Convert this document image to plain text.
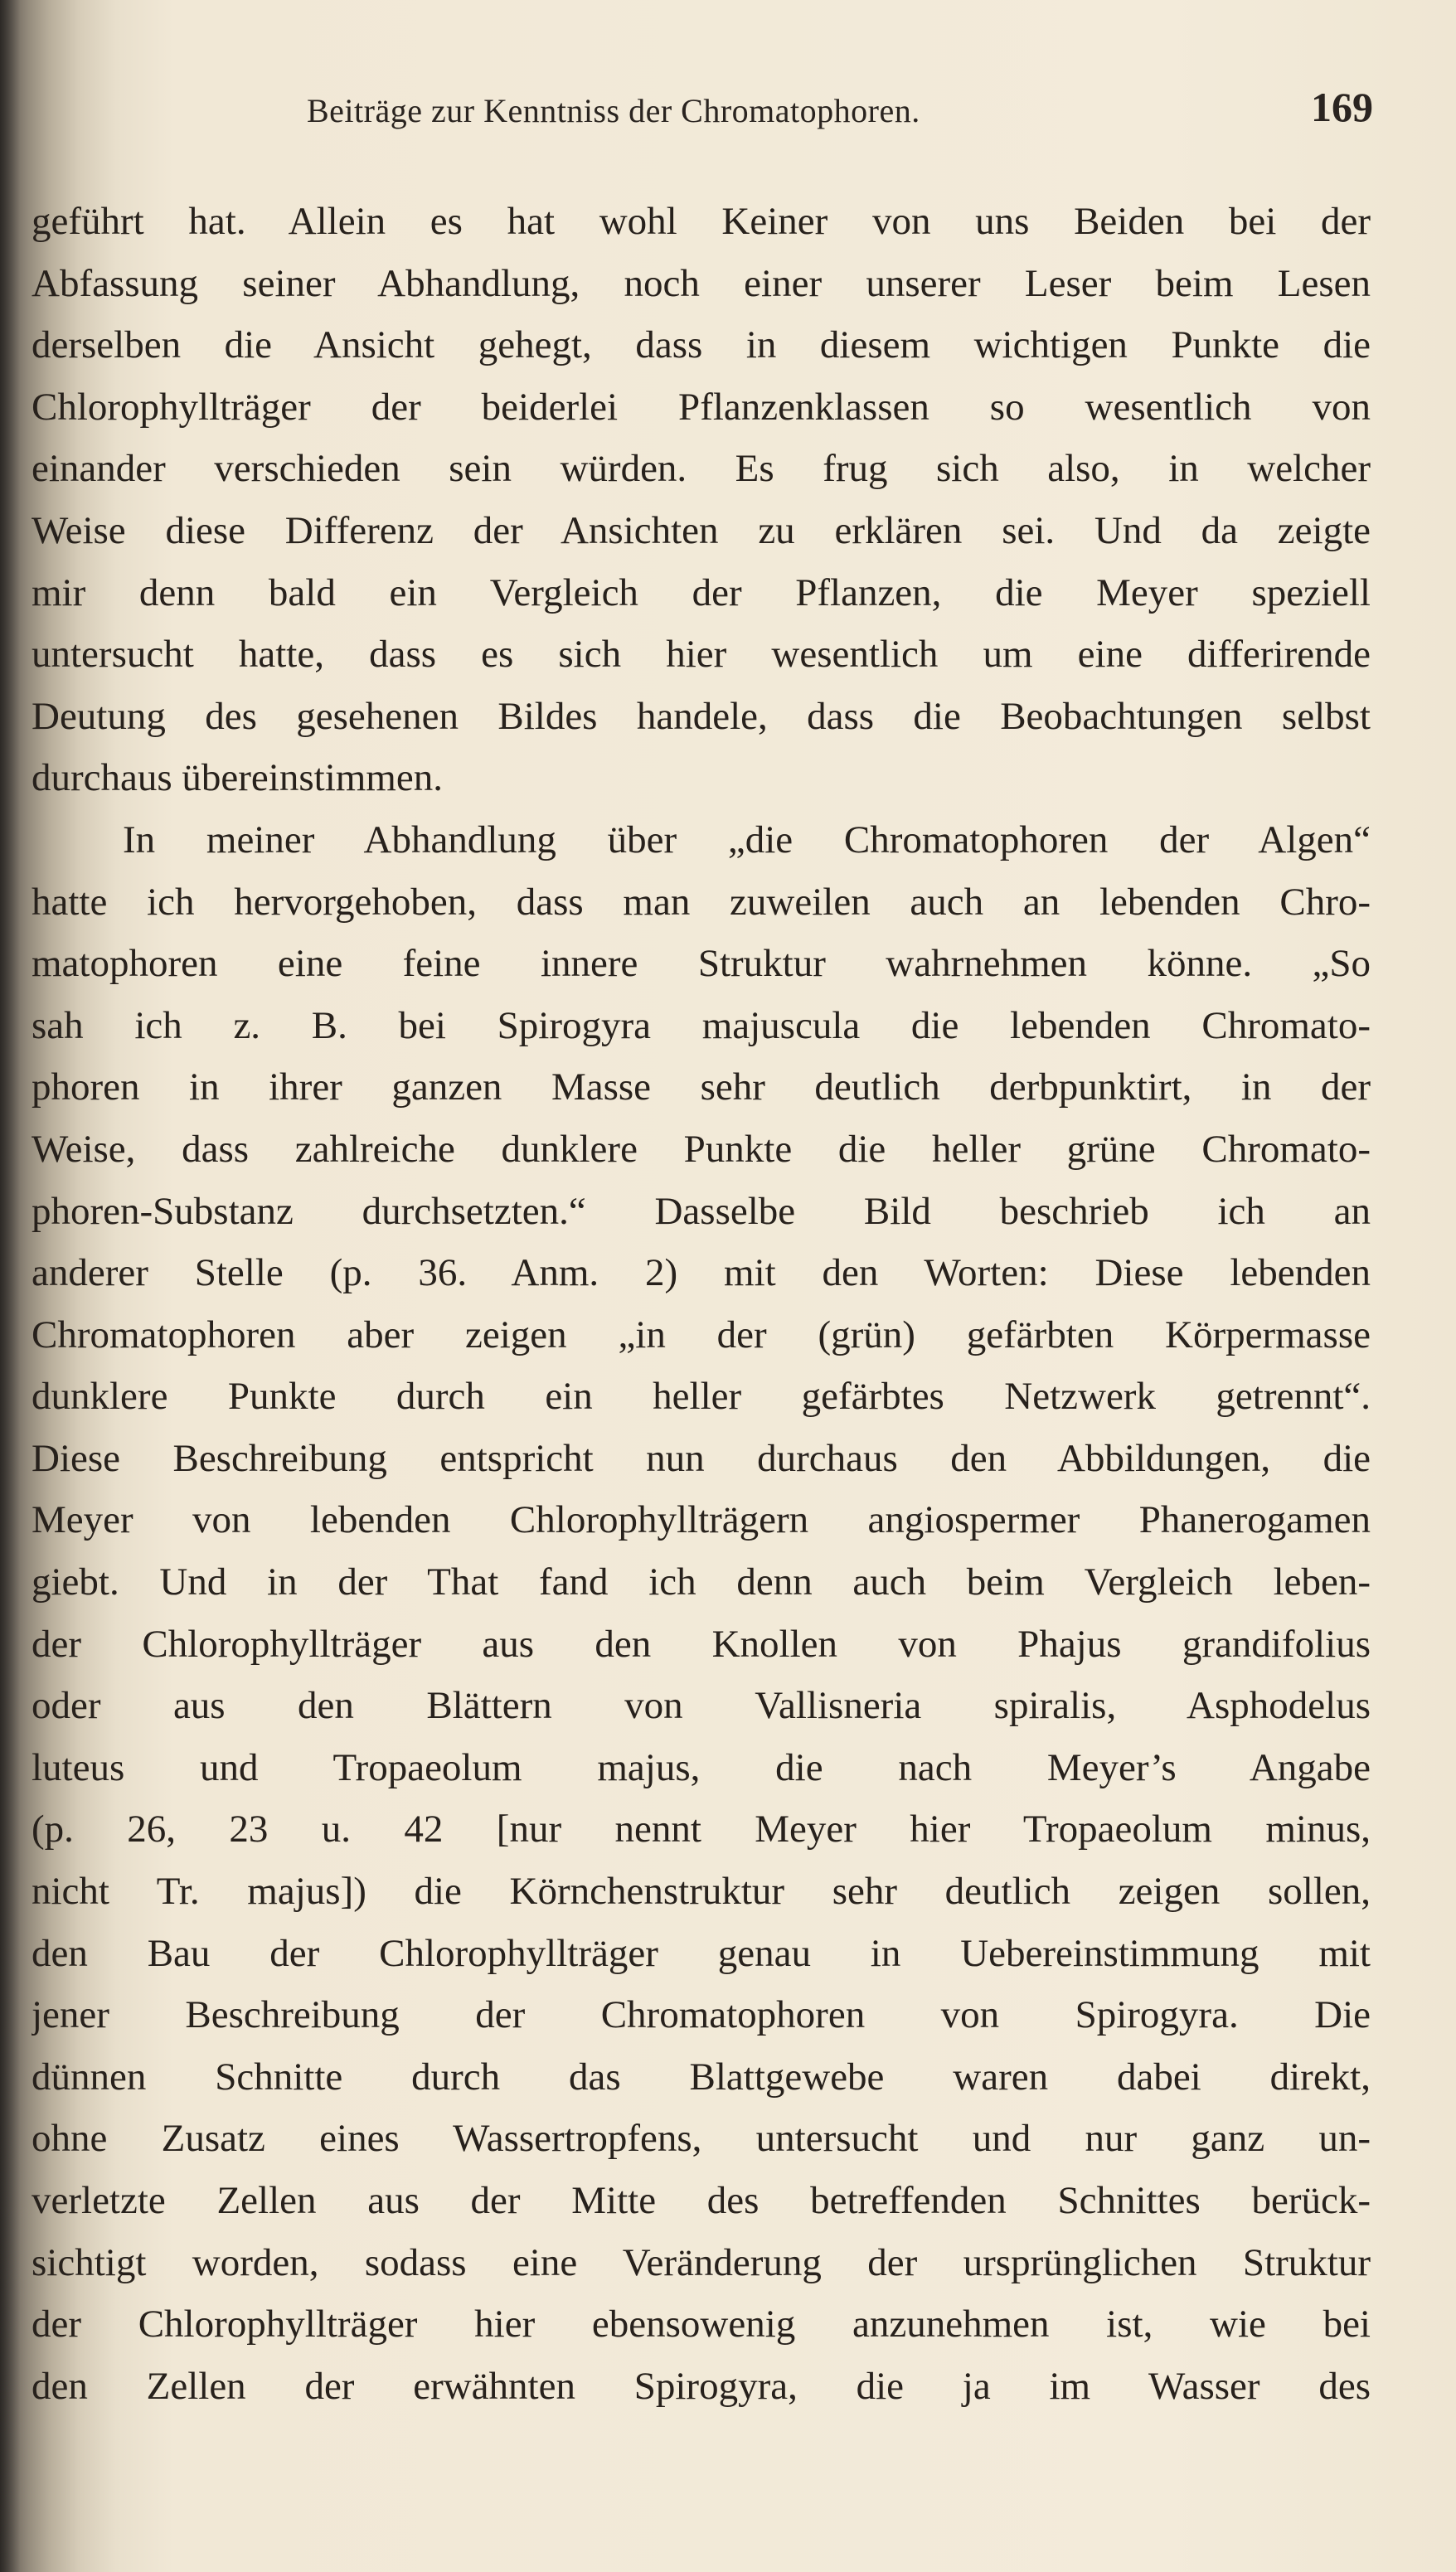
Beiträge zur Kenntniss der Chromatophoren.	169
geführt hat. Allein es hat wohl Keiner von uns Beiden bei der
Abfassung seiner Abhandlung, noch einer unserer Leser beim Lesen
derselben die Ansicht gehegt, dass in diesem wichtigen Punkte die
Chlorophyllträger der beiderlei Pflanzenklassen so wesentlich von
einander verschieden sein würden. Es frug sich also, in welcher
Weise diese Differenz der Ansichten zu erklären sei. Und da zeigte
mir denn bald ein Vergleich der Pflanzen, die Meyer speziell
untersucht hatte, dass es sich hier wesentlich um eine differirende
Deutung des gesehenen Bildes handele, dass die Beobachtungen selbst
durchaus übereinstimmen.
In meiner Abhandlung über „die Chromatophoren der Algen“
hatte ich hervorgehoben, dass man zuweilen auch an lebenden Chro-
matophoren eine feine innere Struktur wahrnehmen könne. „So
sah ich z. B. bei Spirogyra majuscula die lebenden Chromato-
phoren in ihrer ganzen Masse sehr deutlich derbpunktirt, in der
Weise, dass zahlreiche dunklere Punkte die heller grüne Chromato-
phoren-Substanz durchsetzten.“ Dasselbe Bild beschrieb ich an
anderer Stelle (p. 36. Anm. 2) mit den Worten: Diese lebenden
Chromatophoren aber zeigen „in der (grün) gefärbten Körpermasse
dunklere Punkte durch ein heller gefärbtes Netzwerk getrennt“.
Diese Beschreibung entspricht nun durchaus den Abbildungen, die
Meyer von lebenden Chlorophyllträgern angiospermer Phanerogamen
giebt. Und in der That fand ich denn auch beim Vergleich leben-
der Chlorophyllträger aus den Knollen von Phajus grandifolius
oder aus den Blättern von Vallisneria spiralis, Asphodelus
luteus und Tropaeolum majus, die nach Meyer’s Angabe
(p. 26, 23 u. 42 [nur nennt Meyer hier Tropaeolum minus,
nicht Tr. majus]) die Körnchenstruktur sehr deutlich zeigen sollen,
den Bau der Chlorophyllträger genau in Uebereinstimmung mit
jener Beschreibung der Chromatophoren von Spirogyra. Die
dünnen Schnitte durch das Blattgewebe waren dabei direkt,
ohne Zusatz eines Wassertropfens, untersucht und nur ganz un-
verletzte Zellen aus der Mitte des betreffenden Schnittes berück-
sichtigt worden, sodass eine Veränderung der ursprünglichen Struktur
der Chlorophyllträger hier ebensowenig anzunehmen ist, wie bei
den Zellen der erwähnten Spirogyra, die ja im Wasser des
